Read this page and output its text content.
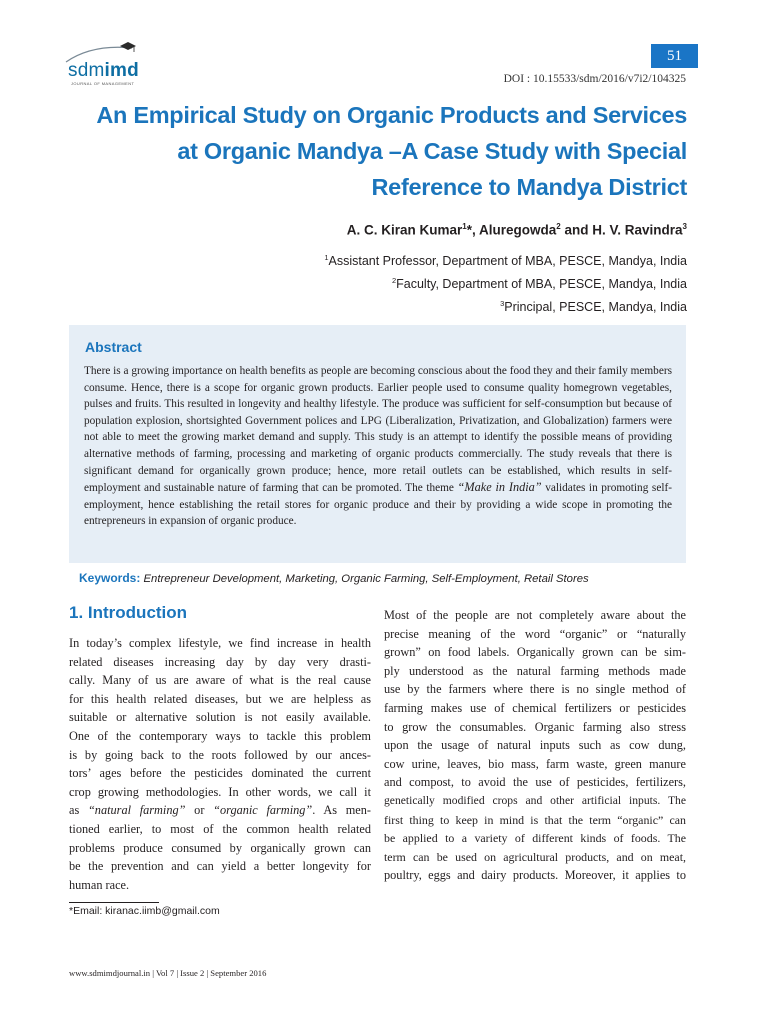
sdmimd
JOURNAL OF MANAGEMENT
51
DOI : 10.15533/sdm/2016/v7i2/104325
An Empirical Study on Organic Products and Services
at Organic Mandya –A Case Study with Special
Reference to Mandya District
A. C. Kiran Kumar$^1$*, Aluregowda$^2$ and H. V. Ravindra$^3$
$^1$Assistant Professor, Department of MBA, PESCE, Mandya, India
$^2$Faculty, Department of MBA, PESCE, Mandya, India
$^3$Principal, PESCE, Mandya, India
Abstract
There is a growing importance on health benefits as people are becoming conscious about the food they and their family members consume. Hence, there is a scope for organic grown products. Earlier people used to consume quality homegrown vegetables, pulses and fruits. This resulted in longevity and healthy lifestyle. The produce was sufficient for self-consumption but because of population explosion, shortsighted Government polices and LPG (Liberalization, Privatization, and Globalization) farmers were not able to meet the growing market demand and supply. This study is an attempt to identify the possible means of providing alternative methods of farming, processing and marketing of organic products commercially. The study reveals that there is significant demand for organically grown produce; hence, more retail outlets can be established, which results in self-employment and sustainable nature of farming that can be promoted. The theme “Make in India” validates in promoting self-employment, hence establishing the retail stores for organic produce and their by providing a wide scope in promoting the entrepreneurs in expansion of organic produce.
Keywords: Entrepreneur Development, Marketing, Organic Farming, Self-Employment, Retail Stores
1. Introduction
In today’s complex lifestyle, we find increase in health
related diseases increasing day by day very drasti-
cally. Many of us are aware of what is the real cause
for this health related diseases, but we are helpless as
suitable or alternative solution is not easily available.
One of the contemporary ways to tackle this problem
is by going back to the roots followed by our ances-
tors’ ages before the pesticides dominated the current
crop growing methodologies. In other words, we call it
as “natural farming” or “organic farming”. As men-
tioned earlier, to most of the common health related
problems produce consumed by organically grown can
be the prevention and can yield a better longevity for
human race.
Most of the people are not completely aware about the
precise meaning of the word “organic” or “naturally
grown” on food labels. Organically grown can be sim-
ply understood as the natural farming methods made
use by the farmers where there is no single method of
farming makes use of chemical fertilizers or pesticides
to grow the consumables. Organic farming also stress
upon the usage of natural inputs such as cow dung,
cow urine, leaves, bio mass, farm waste, green manure
and compost, to avoid the use of pesticides, fertilizers,
genetically modified crops and other artificial inputs. The
first thing to keep in mind is that the term “organic” can
be applied to a variety of different kinds of foods. The
term can be used on agricultural products, and on meat,
poultry, eggs and dairy products. Moreover, it applies to
*Email: kiranac.iimb@gmail.com
www.sdmimdjournal.in | Vol 7 | Issue 2 | September 2016
